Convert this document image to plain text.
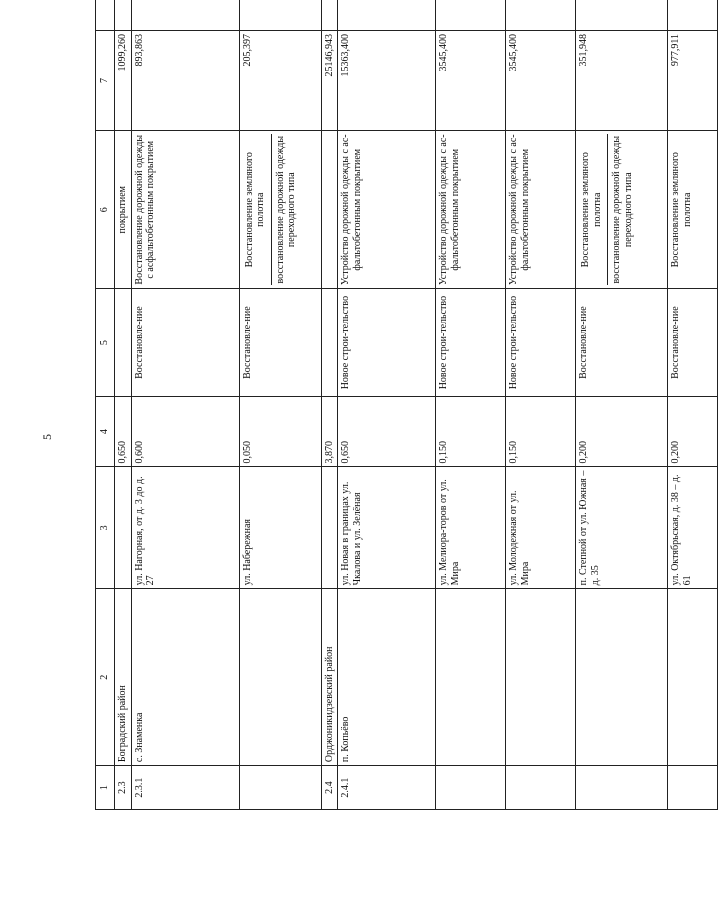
5
1	2	3	4	5	6	7	
2.3	Боградский район		0,650		покрытием	1099,260	
2.3.1	с. Знаменка	ул. Нагорная, от д. 3 до д. 27	0,600	Восстановле-ние	Восстановление дорожной одежды с асфальтобетонным покрытием	893,863	
		ул. Набережная	0,050	Восстановле-ние	Восстановление земляного полотна восстановление дорожной одежды переходного типа	205,397	
2.4	Орджоникидзевский район		3,870			25146,943	
2.4.1	п. Копьёво	ул. Новая в границах ул. Чкалова и ул. Зелёная	0,650	Новое строи-тельство	Устройство дорожной одежды с ас-фальтобетонным покрытием	15363,400	
		ул. Мелиора-торов от ул. Мира	0,150	Новое строи-тельство	Устройство дорожной одежды с ас-фальтобетонным покрытием	3545,400	
		ул. Молодежная от ул. Мира	0,150	Новое строи-тельство	Устройство дорожной одежды с ас-фальтобетонным покрытием	3545,400	
		п. Степной от ул. Южная – д. 35	0,200	Восстановле-ние	Восстановление земляного полотна восстановление дорожной одежды переходного типа	351,948	
		ул. Октябрьская, д. 38 – д. 61	0,200	Восстановле-ние	Восстановление земляного полотна	977,911	
